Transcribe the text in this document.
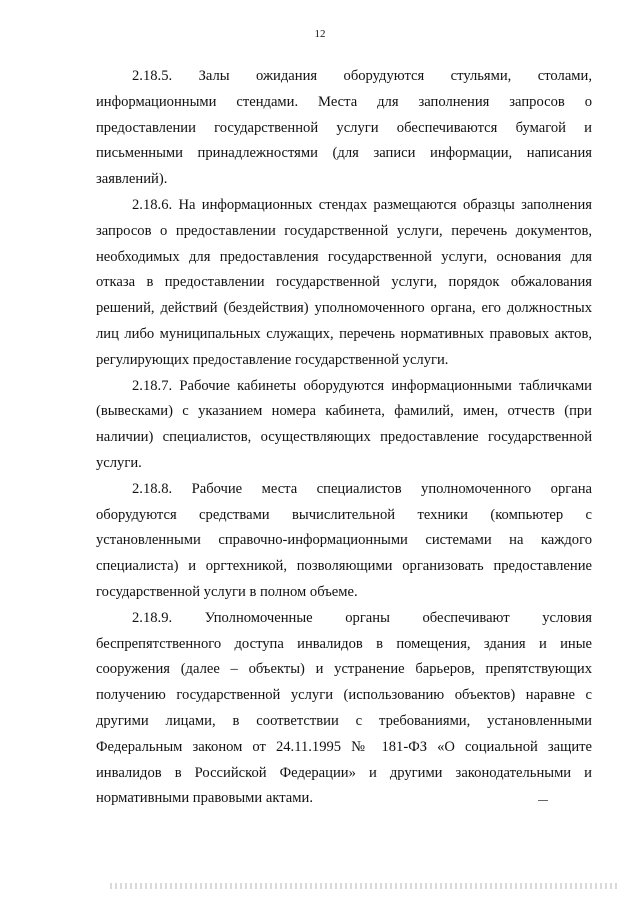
12

2.18.5. Залы ожидания оборудуются стульями, столами, информационными стендами. Места для заполнения запросов о предоставлении государственной услуги обеспечиваются бумагой и письменными принадлежностями (для записи информации, написания заявлений).

2.18.6. На информационных стендах размещаются образцы заполнения запросов о предоставлении государственной услуги, перечень документов, необходимых для предоставления государственной услуги, основания для отказа в предоставлении государственной услуги, порядок обжалования решений, действий (бездействия) уполномоченного органа, его должностных лиц либо муниципальных служащих, перечень нормативных правовых актов, регулирующих предоставление государственной услуги.

2.18.7. Рабочие кабинеты оборудуются информационными табличками (вывесками) с указанием номера кабинета, фамилий, имен, отчеств (при наличии) специалистов, осуществляющих предоставление государственной услуги.

2.18.8. Рабочие места специалистов уполномоченного органа оборудуются средствами вычислительной техники (компьютер с установленными справочно-информационными системами на каждого специалиста) и оргтехникой, позволяющими организовать предоставление государственной услуги в полном объеме.

2.18.9. Уполномоченные органы обеспечивают условия беспрепятственного доступа инвалидов в помещения, здания и иные сооружения (далее – объекты) и устранение барьеров, препятствующих получению государственной услуги (использованию объектов) наравне с другими лицами, в соответствии с требованиями, установленными Федеральным законом от 24.11.1995 № 181-ФЗ «О социальной защите инвалидов в Российской Федерации» и другими законодательными и нормативными правовыми актами.
